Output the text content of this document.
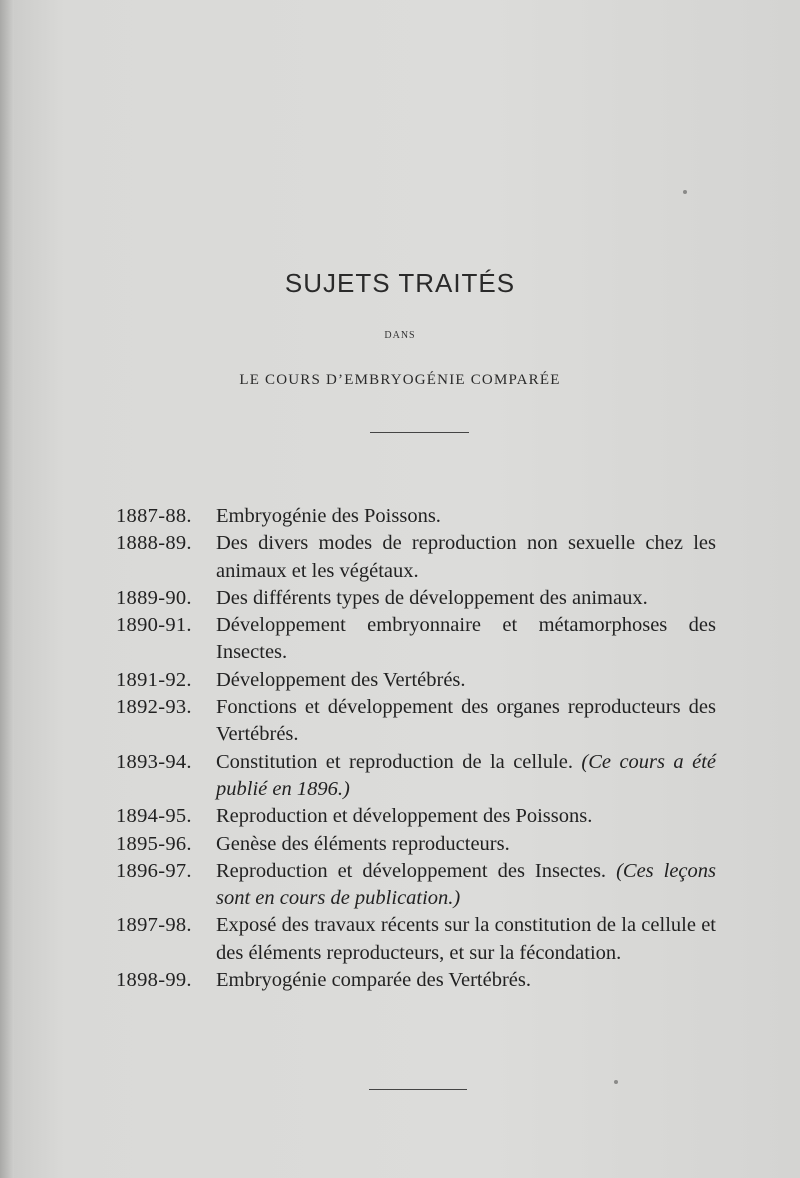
SUJETS TRAITÉS
DANS
LE COURS D’EMBRYOGÉNIE COMPARÉE
1887-88.	Embryogénie des Poissons.
1888-89.	Des divers modes de reproduction non sexuelle chez les animaux et les végétaux.
1889-90.	Des différents types de développement des animaux.
1890-91.	Développement embryonnaire et métamorphoses des Insectes.
1891-92.	Développement des Vertébrés.
1892-93.	Fonctions et développement des organes reproducteurs des Vertébrés.
1893-94.	Constitution et reproduction de la cellule. (Ce cours a été publié en 1896.)
1894-95.	Reproduction et développement des Poissons.
1895-96.	Genèse des éléments reproducteurs.
1896-97.	Reproduction et développement des Insectes. (Ces leçons sont en cours de publication.)
1897-98.	Exposé des travaux récents sur la constitution de la cellule et des éléments reproducteurs, et sur la fécondation.
1898-99.	Embryogénie comparée des Vertébrés.
